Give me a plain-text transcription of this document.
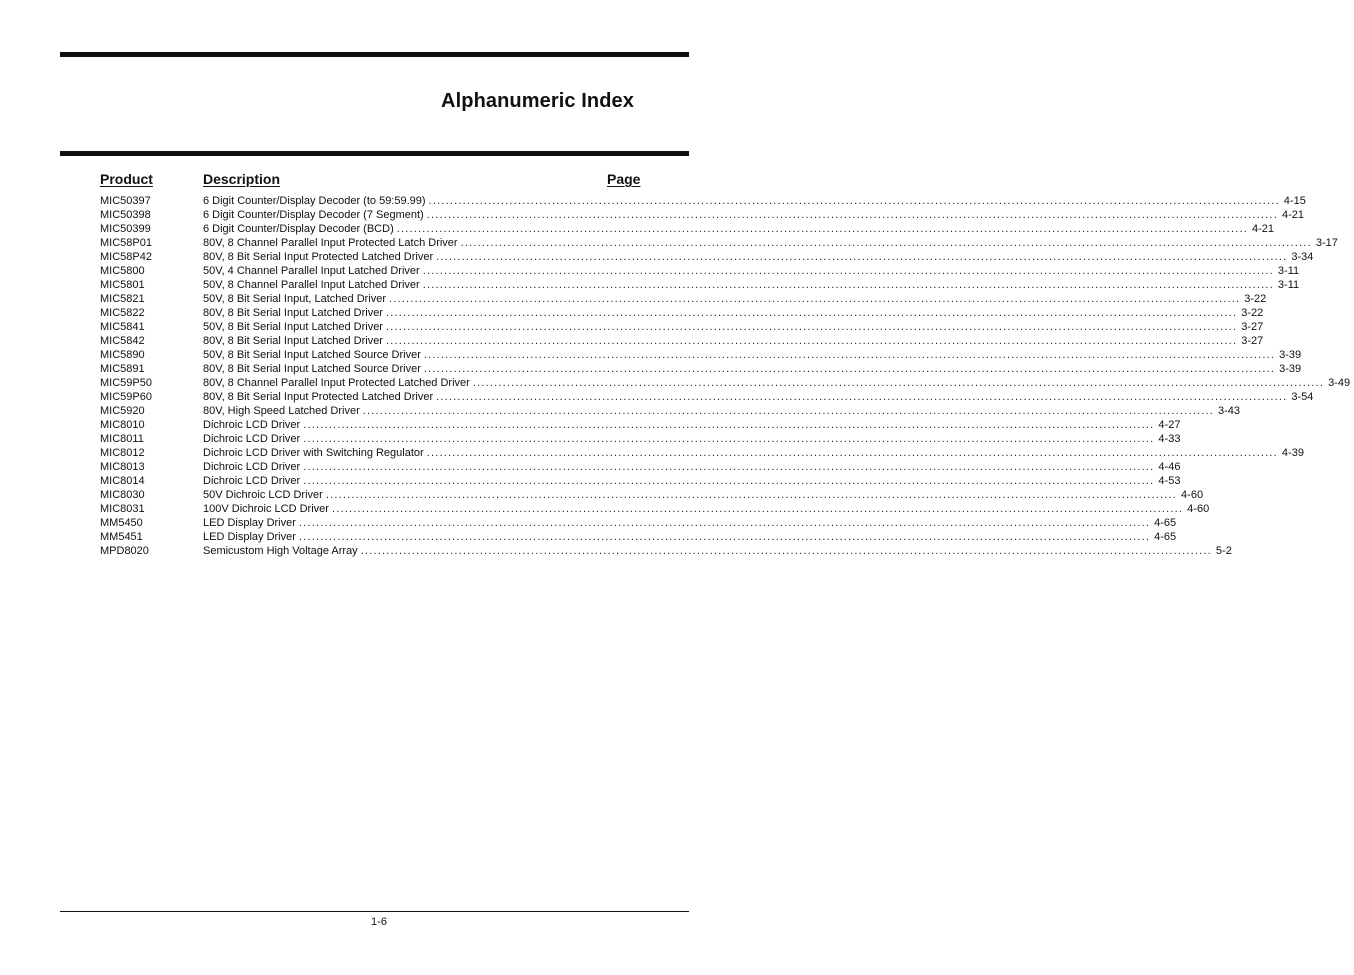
Alphanumeric Index
Product	Description	Page
MIC50397	6 Digit Counter/Display Decoder (to 59:59.99) ........................................................................................................................................................................................................ 4-15
MIC50398	6 Digit Counter/Display Decoder (7 Segment) ........................................................................................................................................................................................................ 4-21
MIC50399	6 Digit Counter/Display Decoder (BCD) ........................................................................................................................................................................................................ 4-21
MIC58P01	80V, 8 Channel Parallel Input Protected Latch Driver ........................................................................................................................................................................................................ 3-17
MIC58P42	80V, 8 Bit Serial Input Protected Latched Driver ........................................................................................................................................................................................................ 3-34
MIC5800	50V, 4 Channel Parallel Input Latched Driver ........................................................................................................................................................................................................ 3-11
MIC5801	50V, 8 Channel Parallel Input Latched Driver ........................................................................................................................................................................................................ 3-11
MIC5821	50V, 8 Bit Serial Input, Latched Driver ........................................................................................................................................................................................................ 3-22
MIC5822	80V, 8 Bit Serial Input Latched Driver ........................................................................................................................................................................................................ 3-22
MIC5841	50V, 8 Bit Serial Input Latched Driver ........................................................................................................................................................................................................ 3-27
MIC5842	80V, 8 Bit Serial Input Latched Driver ........................................................................................................................................................................................................ 3-27
MIC5890	50V, 8 Bit Serial Input Latched Source Driver ........................................................................................................................................................................................................ 3-39
MIC5891	80V, 8 Bit Serial Input Latched Source Driver ........................................................................................................................................................................................................ 3-39
MIC59P50	80V, 8 Channel Parallel Input Protected Latched Driver ........................................................................................................................................................................................................ 3-49
MIC59P60	80V, 8 Bit Serial Input Protected Latched Driver ........................................................................................................................................................................................................ 3-54
MIC5920	80V, High Speed Latched Driver ........................................................................................................................................................................................................ 3-43
MIC8010	Dichroic LCD Driver ........................................................................................................................................................................................................ 4-27
MIC8011	Dichroic LCD Driver ........................................................................................................................................................................................................ 4-33
MIC8012	Dichroic LCD Driver with Switching Regulator ........................................................................................................................................................................................................ 4-39
MIC8013	Dichroic LCD Driver ........................................................................................................................................................................................................ 4-46
MIC8014	Dichroic LCD Driver ........................................................................................................................................................................................................ 4-53
MIC8030	50V Dichroic LCD Driver ........................................................................................................................................................................................................ 4-60
MIC8031	100V Dichroic LCD Driver ........................................................................................................................................................................................................ 4-60
MM5450	LED Display Driver ........................................................................................................................................................................................................ 4-65
MM5451	LED Display Driver ........................................................................................................................................................................................................ 4-65
MPD8020	Semicustom High Voltage Array ........................................................................................................................................................................................................ 5-2
1-6
